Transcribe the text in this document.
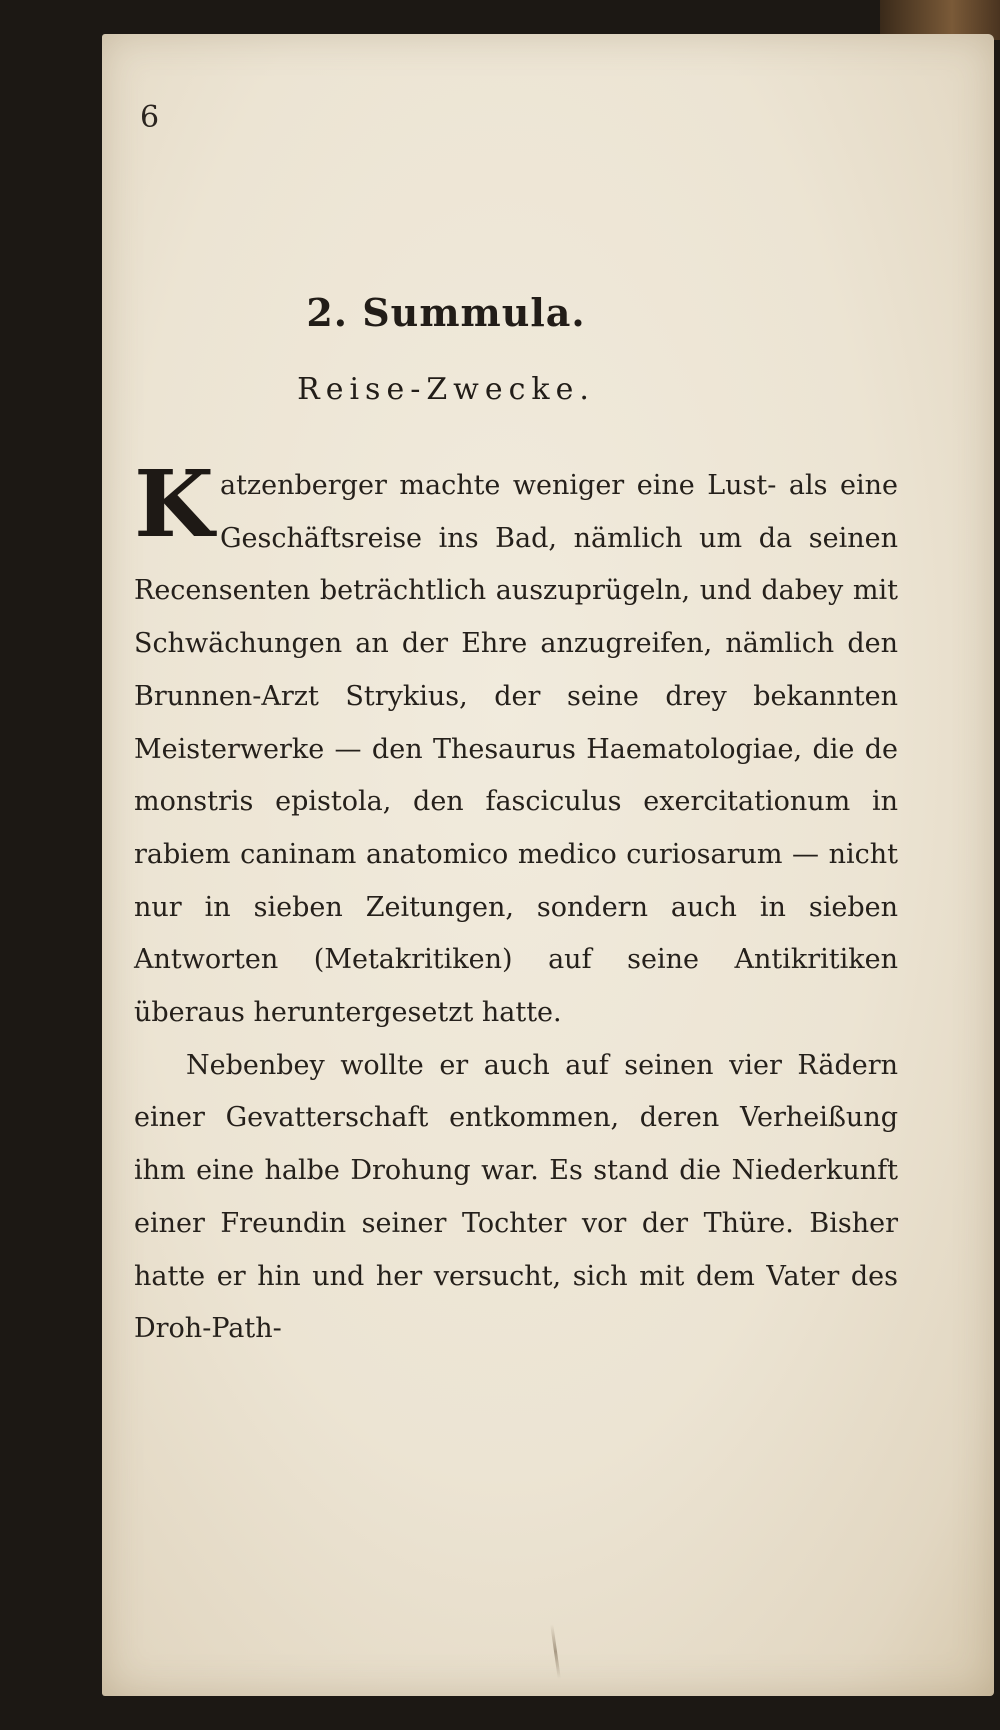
6
2. Summula.
Reise-Zwecke.

Katzenberger machte weniger eine Lust- als eine Geschäftsreise ins Bad, nämlich um da seinen Recensenten beträchtlich auszuprügeln, und dabey mit Schwächungen an der Ehre anzugreifen, nämlich den Brunnen-Arzt Strykius, der seine drey bekannten Meisterwerke — den Thesaurus Haematologiae, die de monstris epistola, den fasciculus exercitationum in rabiem caninam anatomico medico curiosarum — nicht nur in sieben Zeitungen, sondern auch in sieben Antworten (Metakritiken) auf seine Antikritiken überaus heruntergesetzt hatte.

Nebenbey wollte er auch auf seinen vier Rädern einer Gevatterschaft entkommen, deren Verheißung ihm eine halbe Drohung war. Es stand die Niederkunft einer Freundin seiner Tochter vor der Thüre. Bisher hatte er hin und her versucht, sich mit dem Vater des Droh-Path-
